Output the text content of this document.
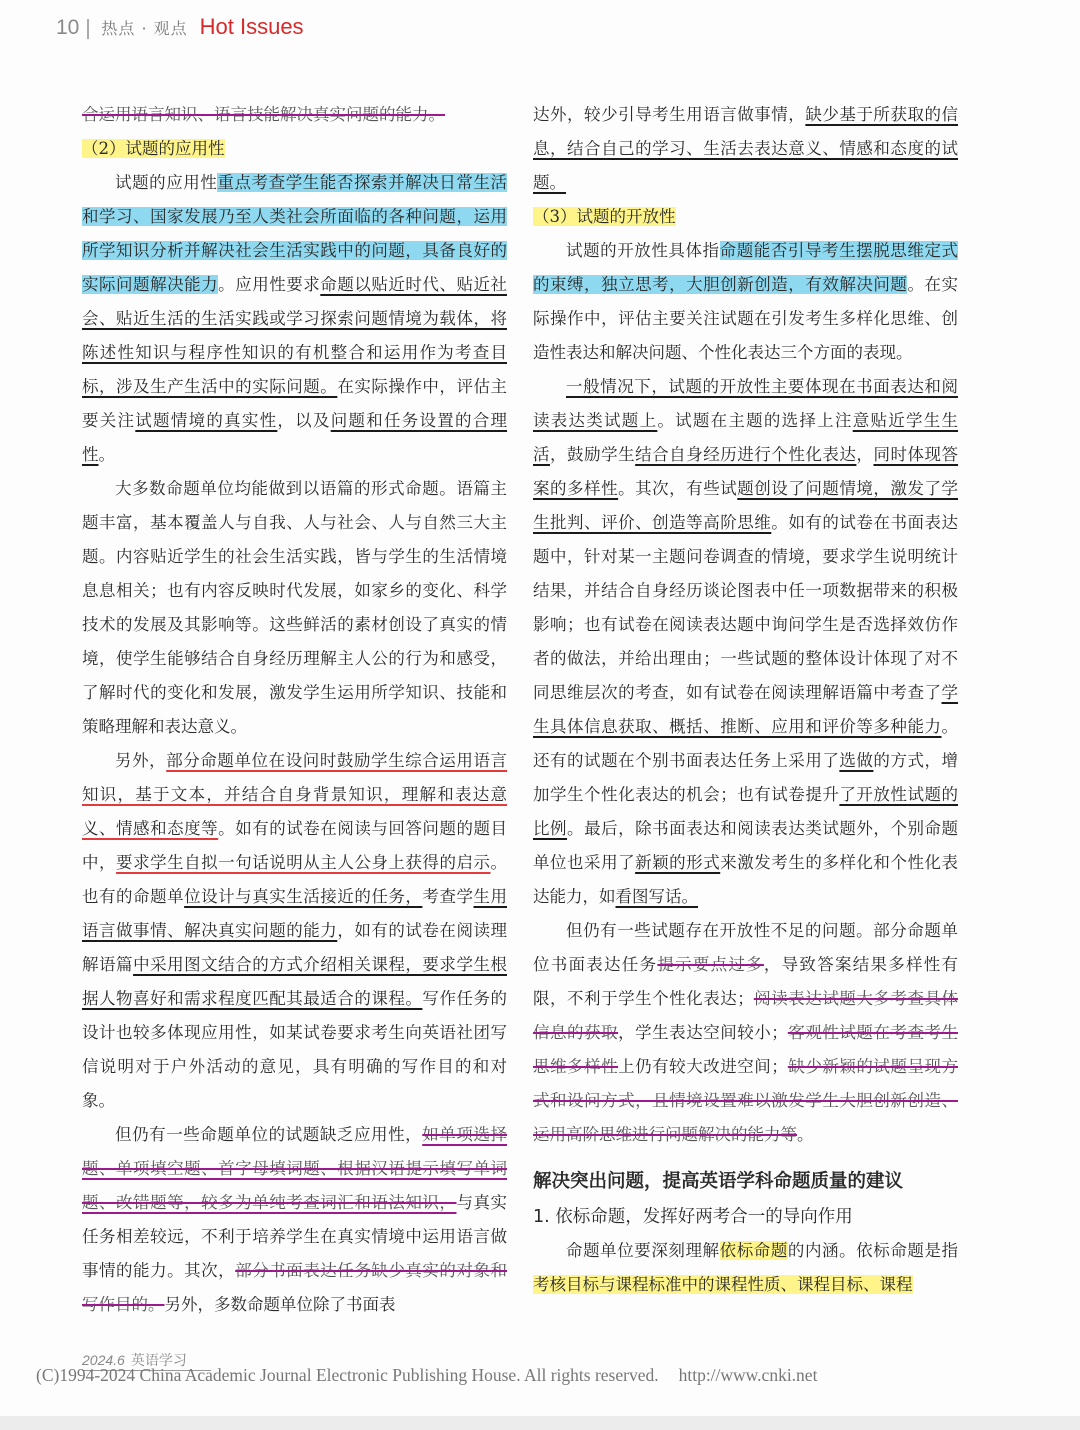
10 热点 · 观点 Hot Issues

合运用语言知识、语言技能解决真实问题的能力。

（2）试题的应用性

试题的应用性重点考查学生能否探索并解决日常生活和学习、国家发展乃至人类社会所面临的各种问题，运用所学知识分析并解决社会生活实践中的问题，具备良好的实际问题解决能力。应用性要求命题以贴近时代、贴近社会、贴近生活的生活实践或学习探索问题情境为载体，将陈述性知识与程序性知识的有机整合和运用作为考查目标，涉及生产生活中的实际问题。在实际操作中，评估主要关注试题情境的真实性，以及问题和任务设置的合理性。

大多数命题单位均能做到以语篇的形式命题。语篇主题丰富，基本覆盖人与自我、人与社会、人与自然三大主题。内容贴近学生的社会生活实践，皆与学生的生活情境息息相关；也有内容反映时代发展，如家乡的变化、科学技术的发展及其影响等。这些鲜活的素材创设了真实的情境，使学生能够结合自身经历理解主人公的行为和感受，了解时代的变化和发展，激发学生运用所学知识、技能和策略理解和表达意义。

另外，部分命题单位在设问时鼓励学生综合运用语言知识，基于文本，并结合自身背景知识，理解和表达意义、情感和态度等。如有的试卷在阅读与回答问题的题目中，要求学生自拟一句话说明从主人公身上获得的启示。也有的命题单位设计与真实生活接近的任务，考查学生用语言做事情、解决真实问题的能力，如有的试卷在阅读理解语篇中采用图文结合的方式介绍相关课程，要求学生根据人物喜好和需求程度匹配其最适合的课程。写作任务的设计也较多体现应用性，如某试卷要求考生向英语社团写信说明对于户外活动的意见，具有明确的写作目的和对象。

但仍有一些命题单位的试题缺乏应用性，如单项选择题、单项填空题、首字母填词题、根据汉语提示填写单词题、改错题等，较多为单纯考查词汇和语法知识，与真实任务相差较远，不利于培养学生在真实情境中运用语言做事情的能力。其次，部分书面表达任务缺少真实的对象和写作目的。另外，多数命题单位除了书面表

达外，较少引导考生用语言做事情，缺少基于所获取的信息，结合自己的学习、生活去表达意义、情感和态度的试题。

（3）试题的开放性

试题的开放性具体指命题能否引导考生摆脱思维定式的束缚，独立思考，大胆创新创造，有效解决问题。在实际操作中，评估主要关注试题在引发考生多样化思维、创造性表达和解决问题、个性化表达三个方面的表现。

一般情况下，试题的开放性主要体现在书面表达和阅读表达类试题上。试题在主题的选择上注意贴近学生生活，鼓励学生结合自身经历进行个性化表达，同时体现答案的多样性。其次，有些试题创设了问题情境，激发了学生批判、评价、创造等高阶思维。如有的试卷在书面表达题中，针对某一主题问卷调查的情境，要求学生说明统计结果，并结合自身经历谈论图表中任一项数据带来的积极影响；也有试卷在阅读表达题中询问学生是否选择效仿作者的做法，并给出理由；一些试题的整体设计体现了对不同思维层次的考查，如有试卷在阅读理解语篇中考查了学生具体信息获取、概括、推断、应用和评价等多种能力。还有的试题在个别书面表达任务上采用了选做的方式，增加学生个性化表达的机会；也有试卷提升了开放性试题的比例。最后，除书面表达和阅读表达类试题外，个别命题单位也采用了新颖的形式来激发考生的多样化和个性化表达能力，如看图写话。

但仍有一些试题存在开放性不足的问题。部分命题单位书面表达任务提示要点过多，导致答案结果多样性有限，不利于学生个性化表达；阅读表达试题大多考查具体信息的获取，学生表达空间较小；客观性试题在考查考生思维多样性上仍有较大改进空间；缺少新颖的试题呈现方式和设问方式，且情境设置难以激发学生大胆创新创造、运用高阶思维进行问题解决的能力等。

解决突出问题，提高英语学科命题质量的建议

1. 依标命题，发挥好两考合一的导向作用

命题单位要深刻理解依标命题的内涵。依标命题是指考核目标与课程标准中的课程性质、课程目标、课程

2024.6 英语学习
(C)1994-2024 China Academic Journal Electronic Publishing House. All rights reserved. http://www.cnki.net
